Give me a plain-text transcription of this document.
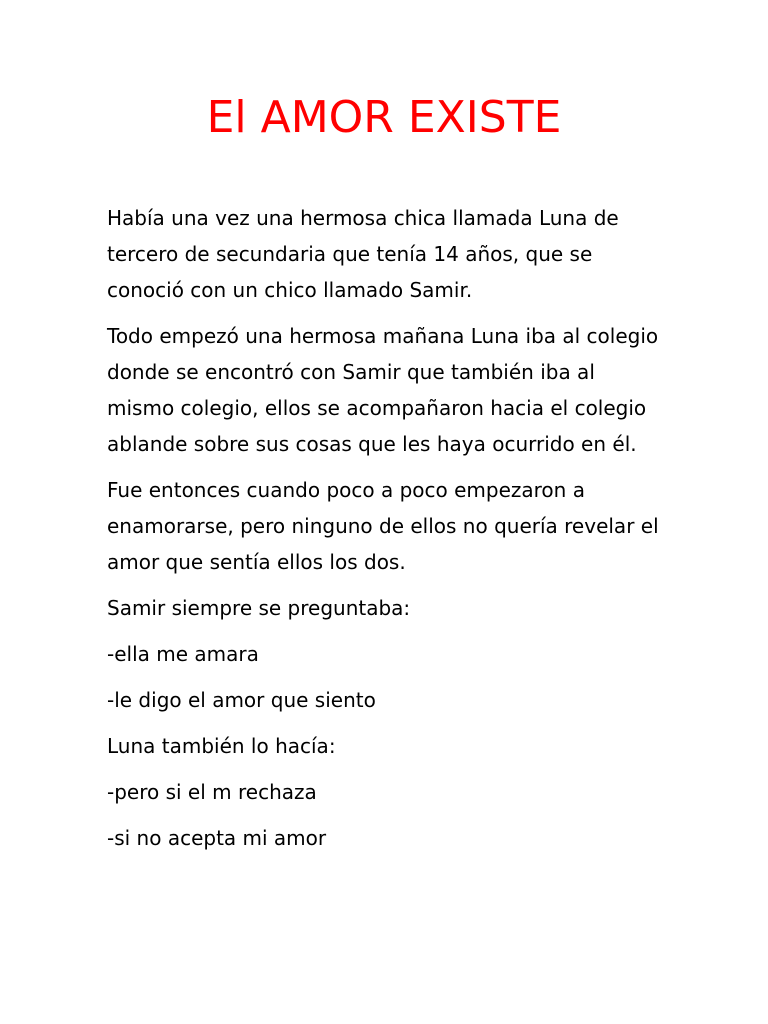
El AMOR EXISTE

Había una vez una hermosa chica llamada Luna de tercero de secundaria que tenía 14 años, que se conoció con un chico llamado Samir.

Todo empezó una hermosa mañana Luna iba al colegio donde se encontró con Samir que también iba al mismo colegio, ellos se acompañaron hacia el colegio ablande sobre sus cosas que les haya ocurrido en él.

Fue entonces cuando poco a poco empezaron a enamorarse, pero ninguno de ellos no quería revelar el amor que sentía ellos los dos.

Samir siempre se preguntaba:

-ella me amara

-le digo el amor que siento

Luna también lo hacía:

-pero si el m rechaza

-si no acepta mi amor
